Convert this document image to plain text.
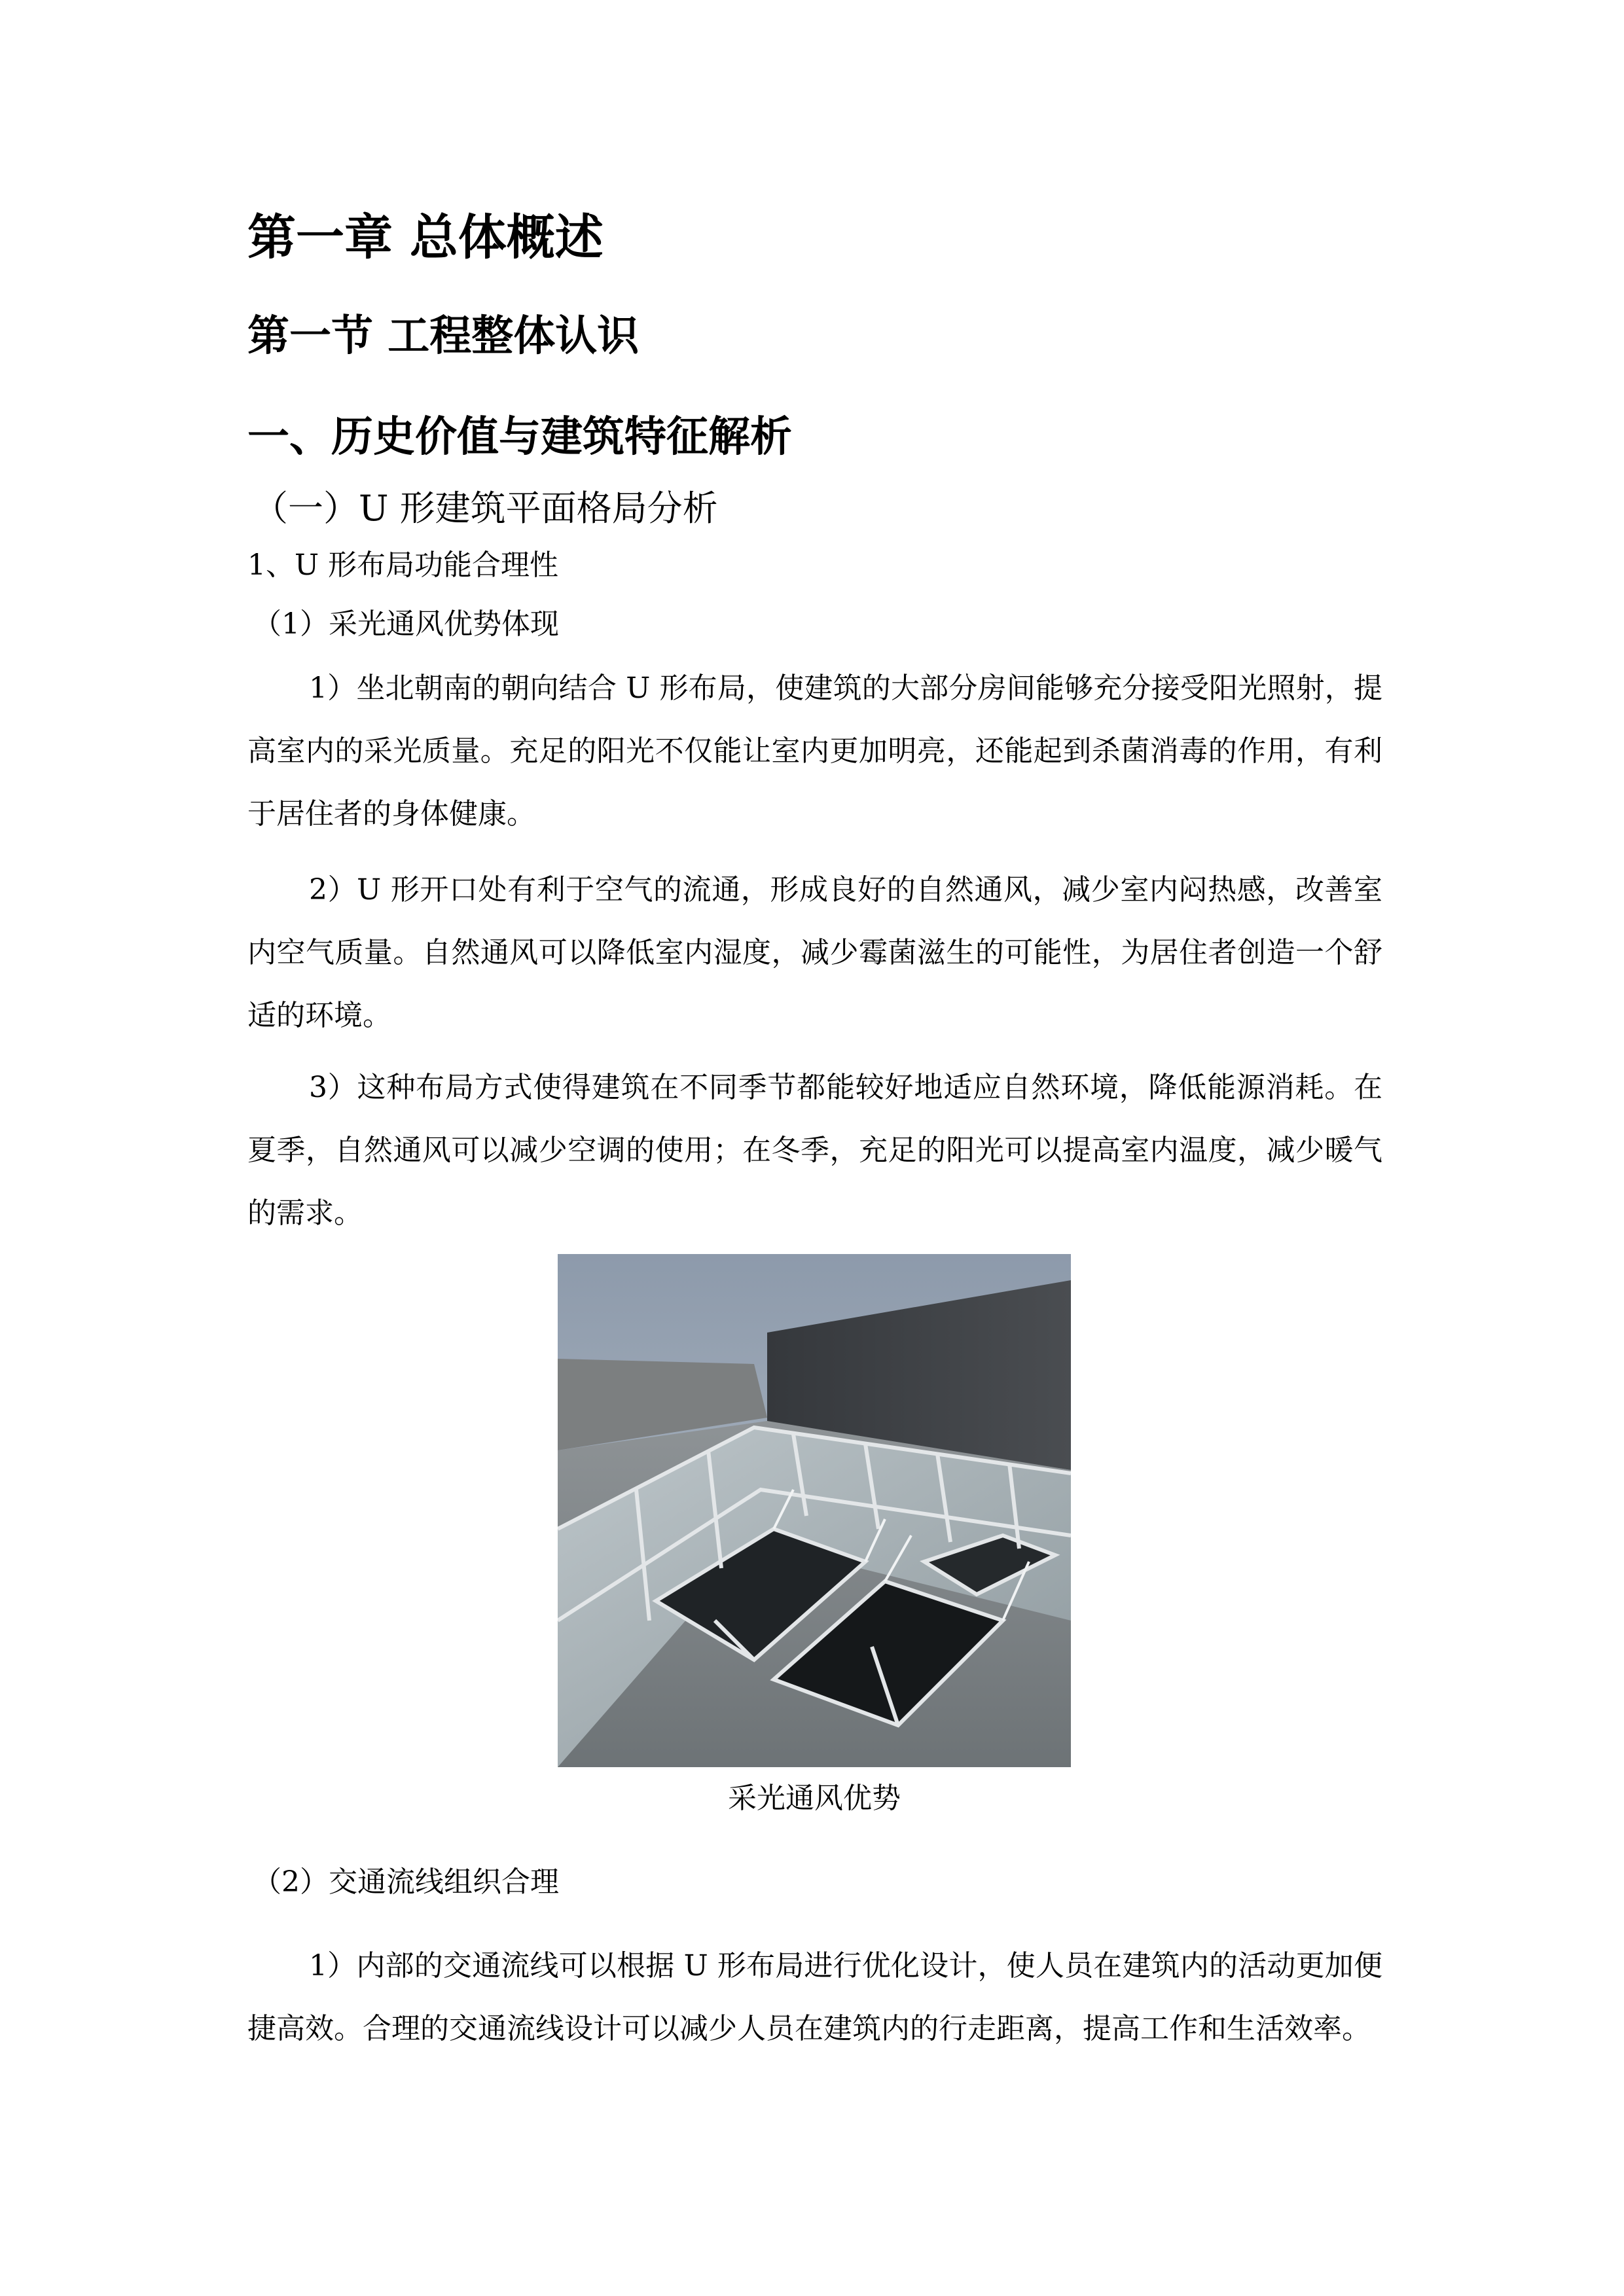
第一章 总体概述
第一节 工程整体认识
一、历史价值与建筑特征解析
（一）U 形建筑平面格局分析
1、U 形布局功能合理性
（1）采光通风优势体现

1）坐北朝南的朝向结合 U 形布局，使建筑的大部分房间能够充分接受阳光照射，提高室内的采光质量。充足的阳光不仅能让室内更加明亮，还能起到杀菌消毒的作用，有利于居住者的身体健康。

2）U 形开口处有利于空气的流通，形成良好的自然通风，减少室内闷热感，改善室内空气质量。自然通风可以降低室内湿度，减少霉菌滋生的可能性，为居住者创造一个舒适的环境。

3）这种布局方式使得建筑在不同季节都能较好地适应自然环境，降低能源消耗。在夏季，自然通风可以减少空调的使用；在冬季，充足的阳光可以提高室内温度，减少暖气的需求。

采光通风优势
（2）交通流线组织合理

1）内部的交通流线可以根据 U 形布局进行优化设计，使人员在建筑内的活动更加便捷高效。合理的交通流线设计可以减少人员在建筑内的行走距离，提高工作和生活效率。
